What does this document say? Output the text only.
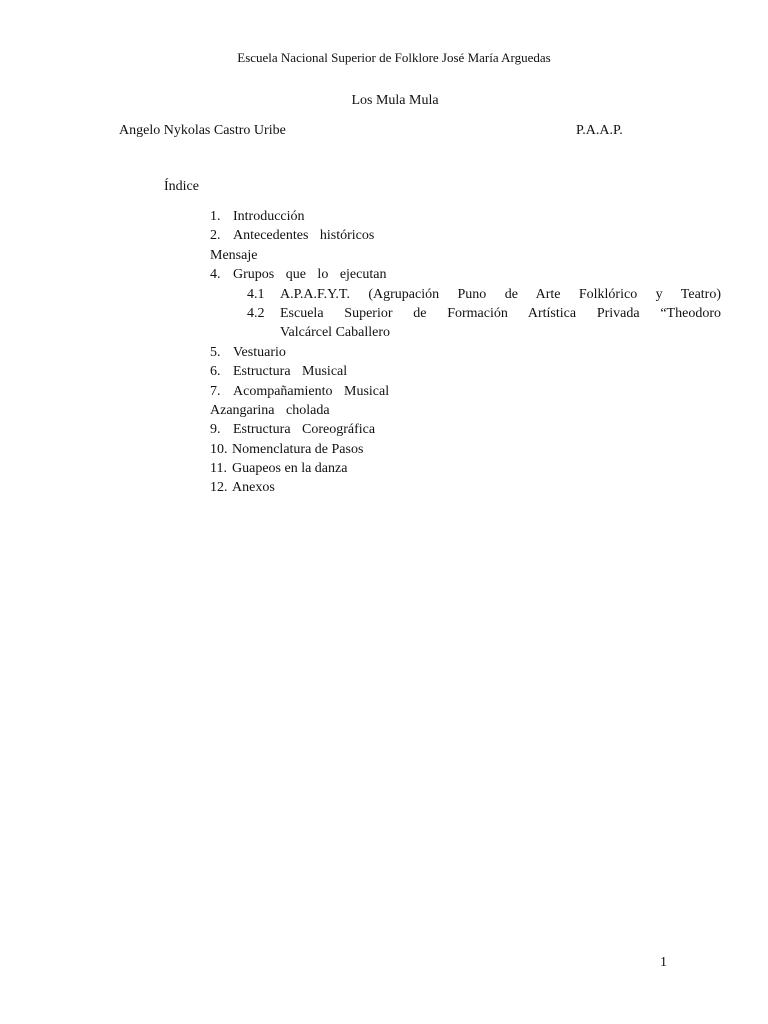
Escuela Nacional Superior de Folklore José María Arguedas
Los Mula Mula
Angelo Nykolas Castro Uribe	P.A.A.P.
Índice
1. Introducción
2. Antecedentes históricos
Mensaje
4. Grupos que lo ejecutan
4.1	A.P.A.F.Y.T. (Agrupación Puno de Arte Folklórico y Teatro)
4.2	Escuela Superior de Formación Artística Privada “Theodoro
Valcárcel Caballero
5. Vestuario
6. Estructura Musical
7. Acompañamiento Musical
Azangarina cholada
9. Estructura Coreográfica
10. Nomenclatura de Pasos
11. Guapeos en la danza
12. Anexos
1
